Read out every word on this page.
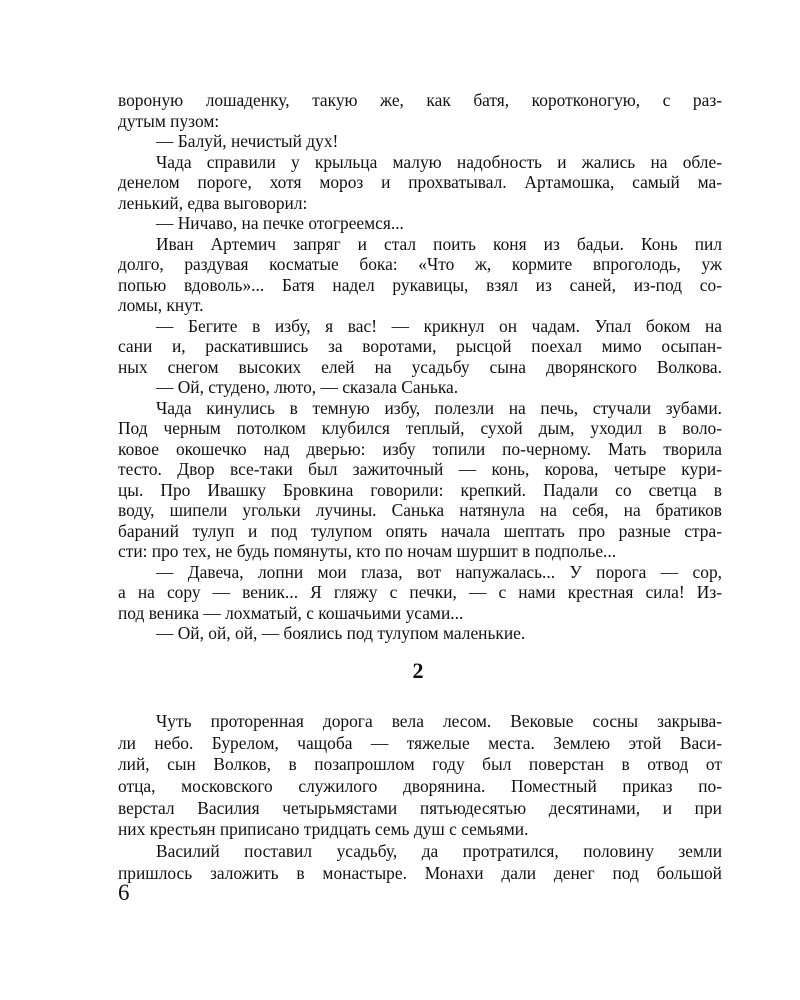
воронyю лошаденку, такую же, как батя, коротконогую, с раз-
дутым пузом:
— Балуй, нечистый дух!
Чада справили у крыльца малую надобность и жались на обле-
денелом пороге, хотя мороз и прохватывал. Артамошка, самый ма-
ленький, едва выговорил:
— Ничаво, на печке отогреемся...
Иван Артемич запряг и стал поить коня из бадьи. Конь пил
долго, раздувая косматые бока: «Что ж, кормите впроголодь, уж
попью вдоволь»... Батя надел рукавицы, взял из саней, из-под со-
ломы, кнут.
— Бегите в избу, я вас! — крикнул он чадам. Упал боком на
сани и, раскатившись за воротами, рысцой поехал мимо осыпан-
ных снегом высоких елей на усадьбу сына дворянского Волкова.
— Ой, студено, люто, — сказала Санька.
Чада кинулись в темную избу, полезли на печь, стучали зубами.
Под черным потолком клубился теплый, сухой дым, уходил в воло-
ковое окошечко над дверью: избу топили по-черному. Мать творила
тесто. Двор все-таки был зажиточный — конь, корова, четыре кури-
цы. Про Ивашку Бровкина говорили: крепкий. Падали со светца в
воду, шипели угольки лучины. Санька натянула на себя, на братиков
бараний тулуп и под тулупом опять начала шептать про разные стра-
сти: про тех, не будь помянуты, кто по ночам шуршит в подполье...
— Давеча, лопни мои глаза, вот напужалась... У порога — сор,
а на сору — веник... Я гляжу с печки, — с нами крестная сила! Из-
под веника — лохматый, с кошачьими усами...
— Ой, ой, ой, — боялись под тулупом маленькие.
2
Чуть проторенная дорога вела лесом. Вековые сосны закрыва-
ли небо. Бурелом, чащоба — тяжелые места. Землею этой Васи-
лий, сын Волков, в позапрошлом году был поверстан в отвод от
отца, московского служилого дворянина. Поместный приказ по-
верстал Василия четырьмястами пятьюдесятью десятинами, и при
них крестьян приписано тридцать семь душ с семьями.
Василий поставил усадьбу, да протратился, половину земли
пришлось заложить в монастыре. Монахи дали денег под большой
6
